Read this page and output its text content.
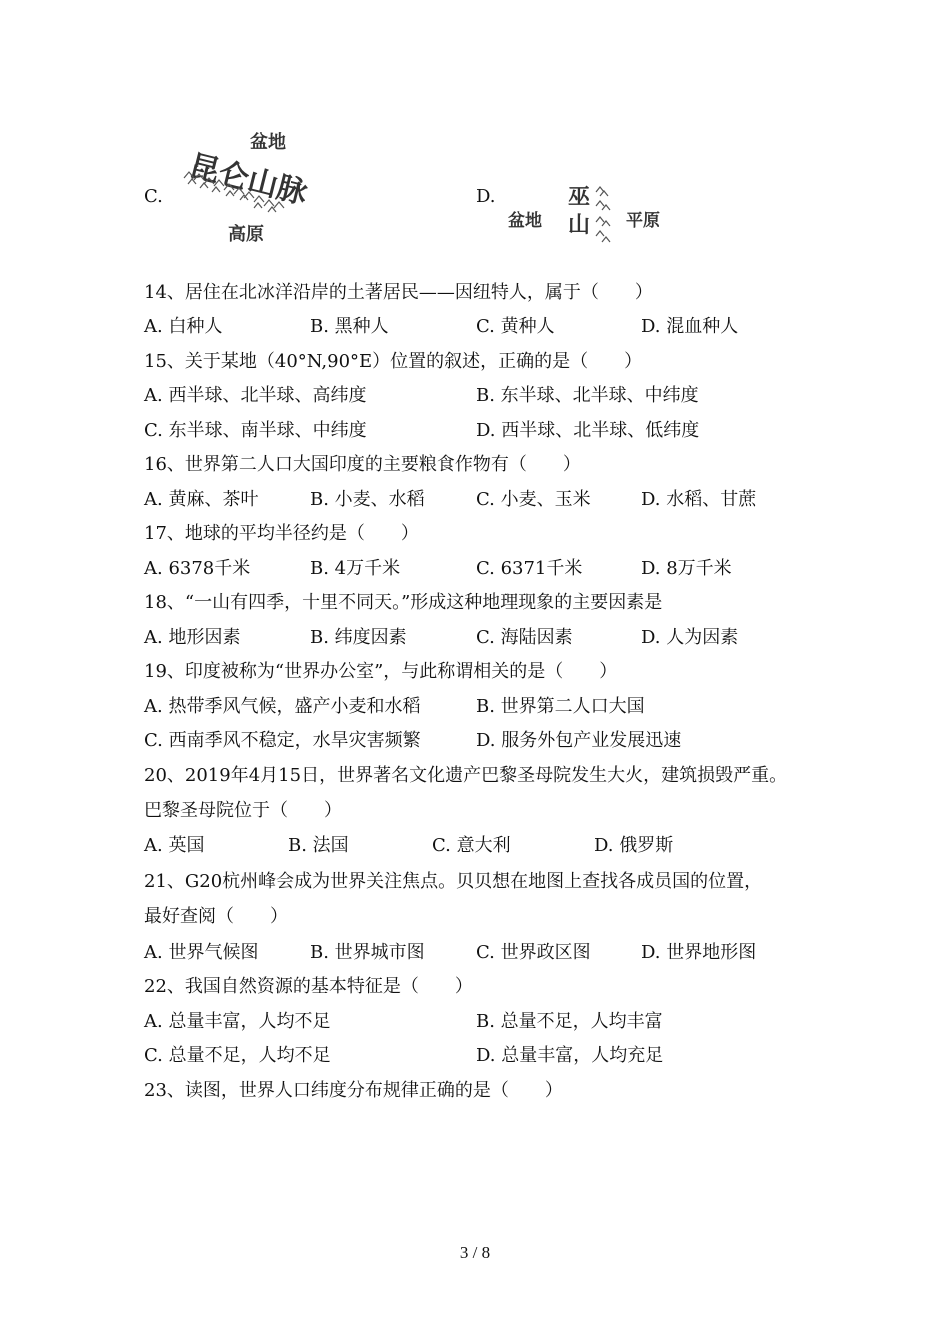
C.
盆地
昆仑山脉
高原
D.
盆地
巫
山 平原
14、居住在北冰洋沿岸的土著居民——因纽特人，属于（　　）
A. 白种人	B. 黑种人	C. 黄种人	D. 混血种人
15、关于某地（40°N,90°E）位置的叙述，正确的是（　　）
A. 西半球、北半球、高纬度	B. 东半球、北半球、中纬度
C. 东半球、南半球、中纬度	D. 西半球、北半球、低纬度
16、世界第二人口大国印度的主要粮食作物有（　　）
A. 黄麻、茶叶	B. 小麦、水稻	C. 小麦、玉米	D. 水稻、甘蔗
17、地球的平均半径约是（　　）
A. 6378千米	B. 4万千米	C. 6371千米	D. 8万千米
18、“一山有四季，十里不同天。”形成这种地理现象的主要因素是
A. 地形因素	B. 纬度因素	C. 海陆因素	D. 人为因素
19、印度被称为“世界办公室”，与此称谓相关的是（　　）
A. 热带季风气候，盛产小麦和水稻	B. 世界第二人口大国
C. 西南季风不稳定，水旱灾害频繁	D. 服务外包产业发展迅速
20、2019年4月15日，世界著名文化遗产巴黎圣母院发生大火，建筑损毁严重。
巴黎圣母院位于（　　）
A. 英国	B. 法国	C. 意大利	D. 俄罗斯
21、G20杭州峰会成为世界关注焦点。贝贝想在地图上查找各成员国的位置，
最好查阅（　　）
A. 世界气候图	B. 世界城市图	C. 世界政区图	D. 世界地形图
22、我国自然资源的基本特征是（　　）
A. 总量丰富，人均不足	B. 总量不足，人均丰富
C. 总量不足，人均不足	D. 总量丰富，人均充足
23、读图，世界人口纬度分布规律正确的是（　　）
3 / 8
